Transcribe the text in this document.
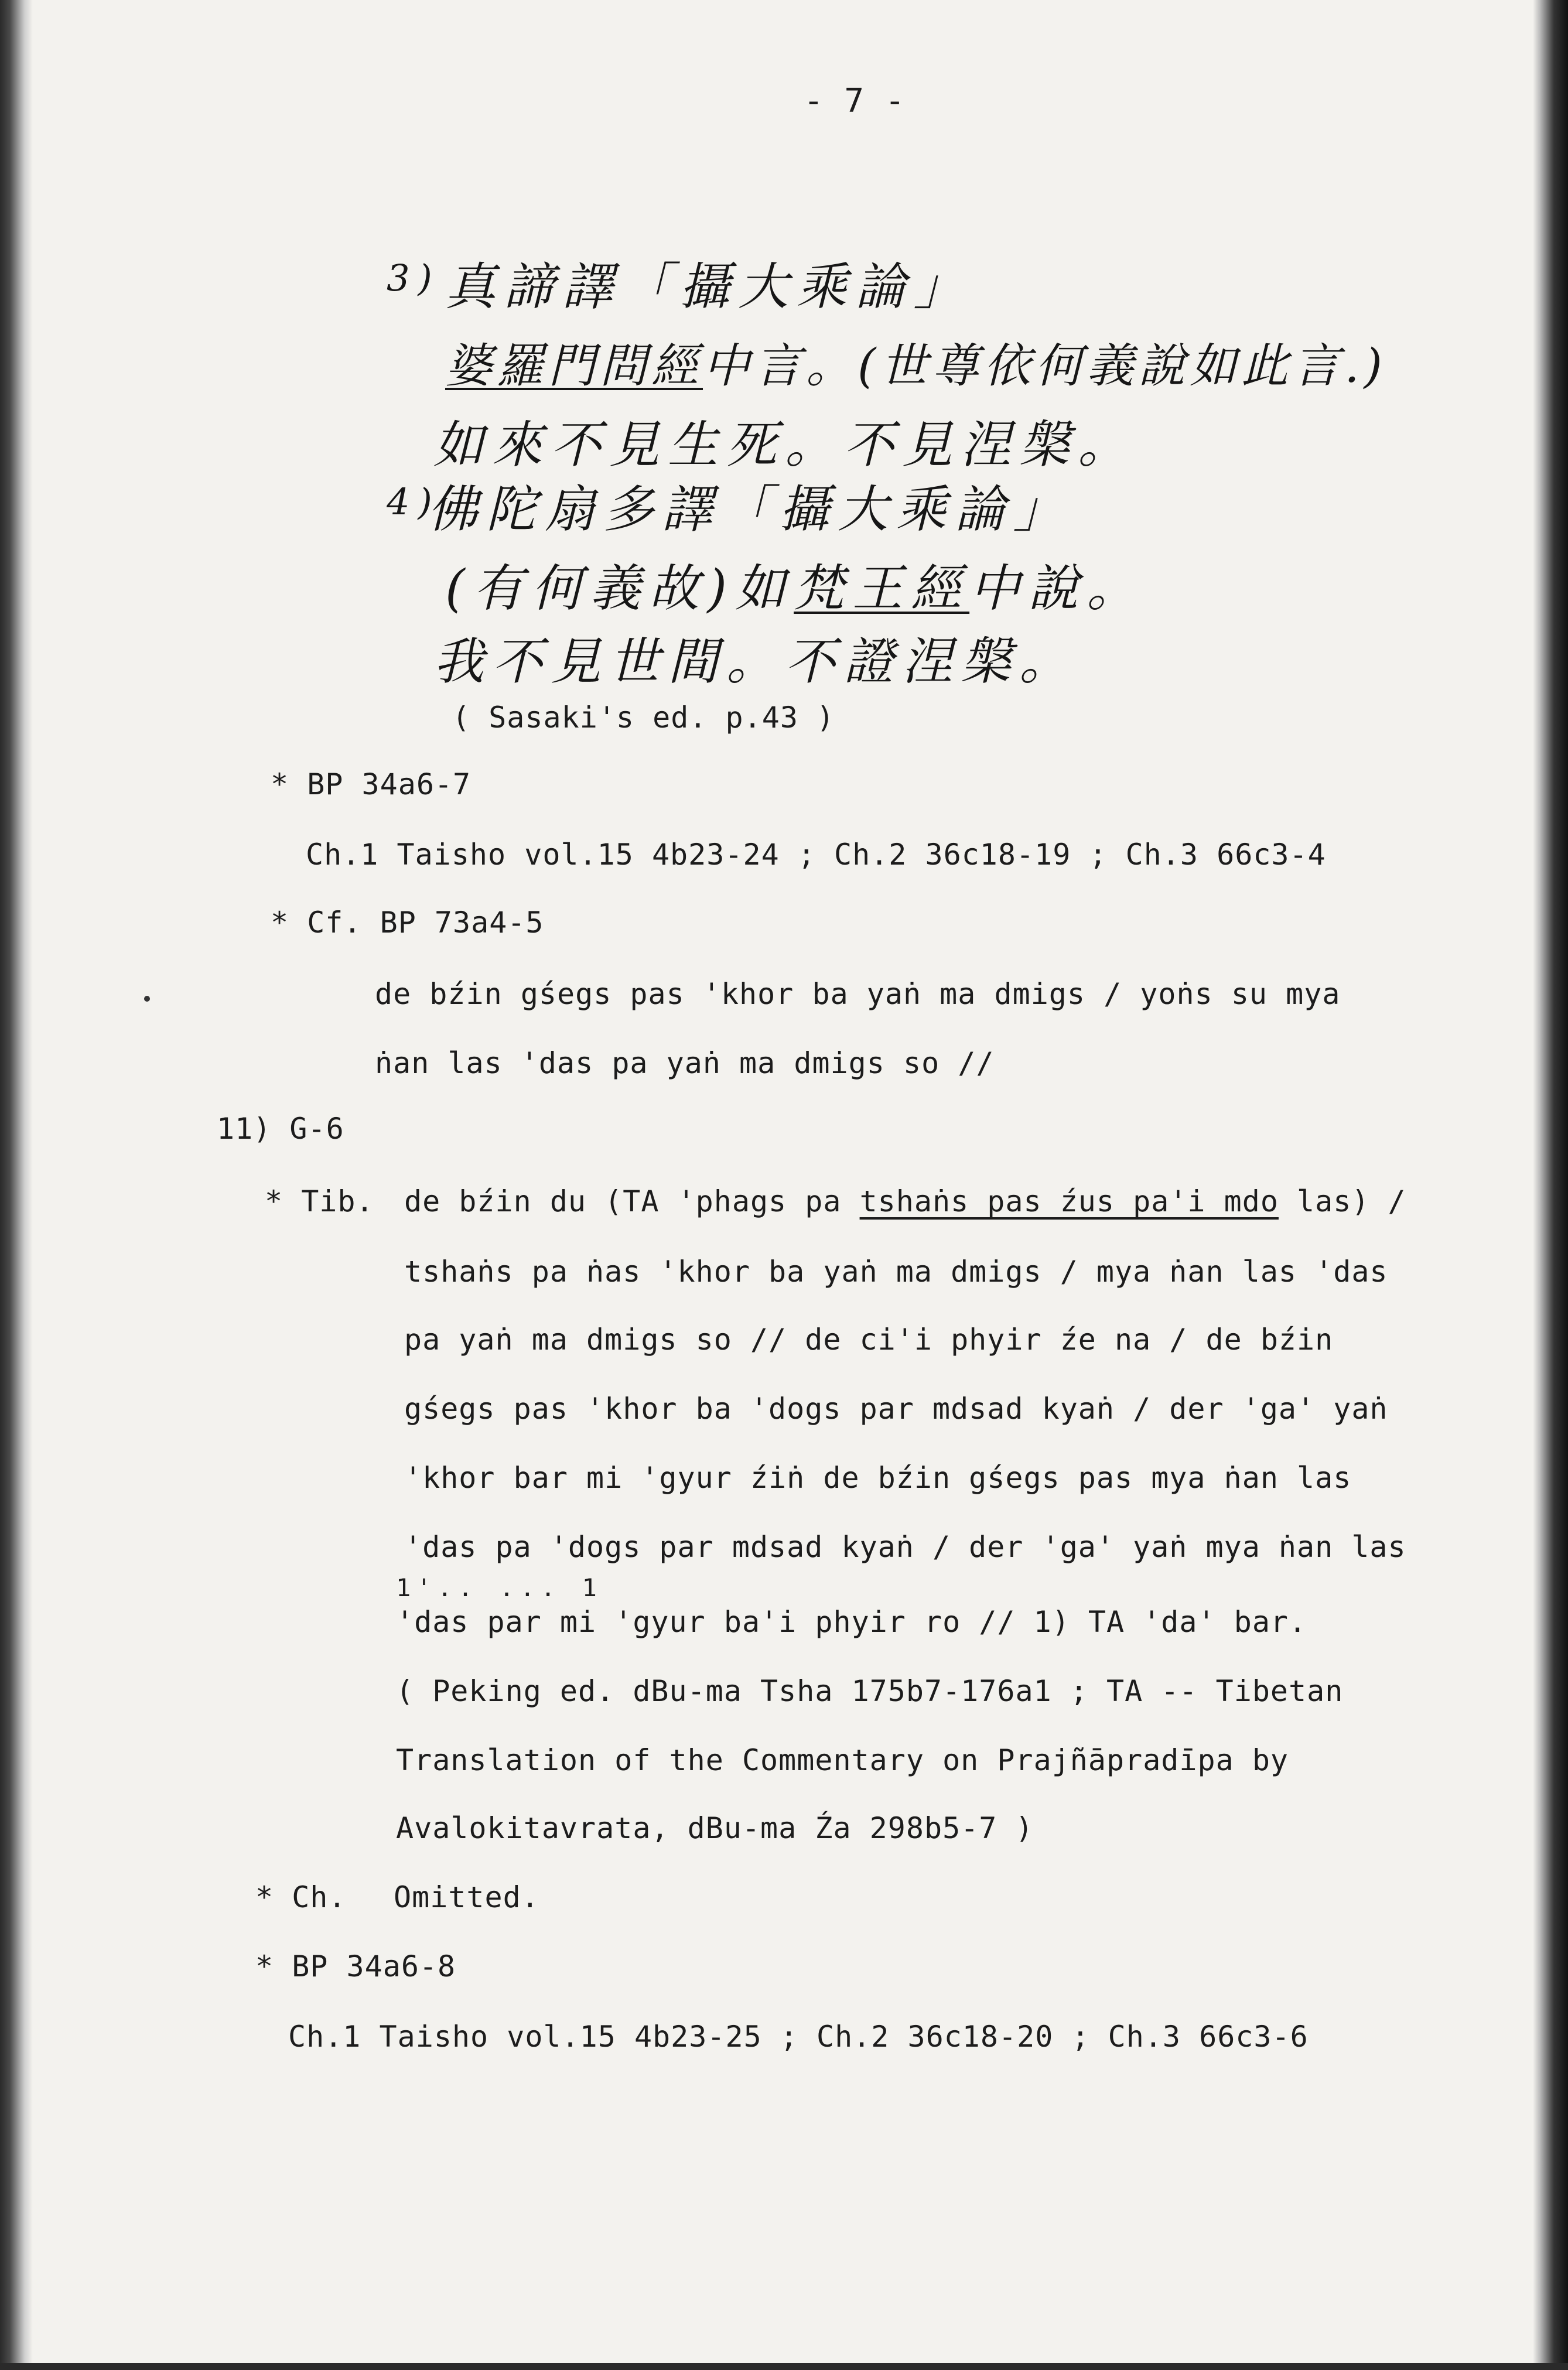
- 7 -
3) 真諦譯「攝大乘論」
婆羅門問經中言。(世尊依何義說如此言.)
如來不見生死。不見涅槃。
4)
佛陀扇多譯「攝大乘論」
(有何義故)如梵王經中說。
我不見世間。不證涅槃。
( Sasaki's ed. p.43 )
* BP 34a6-7
Ch.1 Taisho vol.15 4b23-24 ; Ch.2 36c18-19 ; Ch.3 66c3-4
* Cf. BP 73a4-5
de bźin gśegs pas 'khor ba yaṅ ma dmigs / yoṅs su mya
ṅan las 'das pa yaṅ ma dmigs so //
11) G-6
* Tib. de bźin du (TA 'phags pa tshaṅs pas źus pa'i mdo las) /
tshaṅs pa ṅas 'khor ba yaṅ ma dmigs / mya ṅan las 'das
pa yaṅ ma dmigs so // de ci'i phyir źe na / de bźin
gśegs pas 'khor ba 'dogs par mdsad kyaṅ / der 'ga' yaṅ
'khor bar mi 'gyur źiṅ de bźin gśegs pas mya ṅan las
'das pa 'dogs par mdsad kyaṅ / der 'ga' yaṅ mya ṅan las
1'.. ... 1
'das par mi 'gyur ba'i phyir ro // 1) TA 'da' bar.
( Peking ed. dBu-ma Tsha 175b7-176a1 ; TA -- Tibetan
Translation of the Commentary on Prajñāpradīpa by
Avalokitavrata, dBu-ma Źa 298b5-7 )
* Ch. Omitted.
* BP 34a6-8
Ch.1 Taisho vol.15 4b23-25 ; Ch.2 36c18-20 ; Ch.3 66c3-6
